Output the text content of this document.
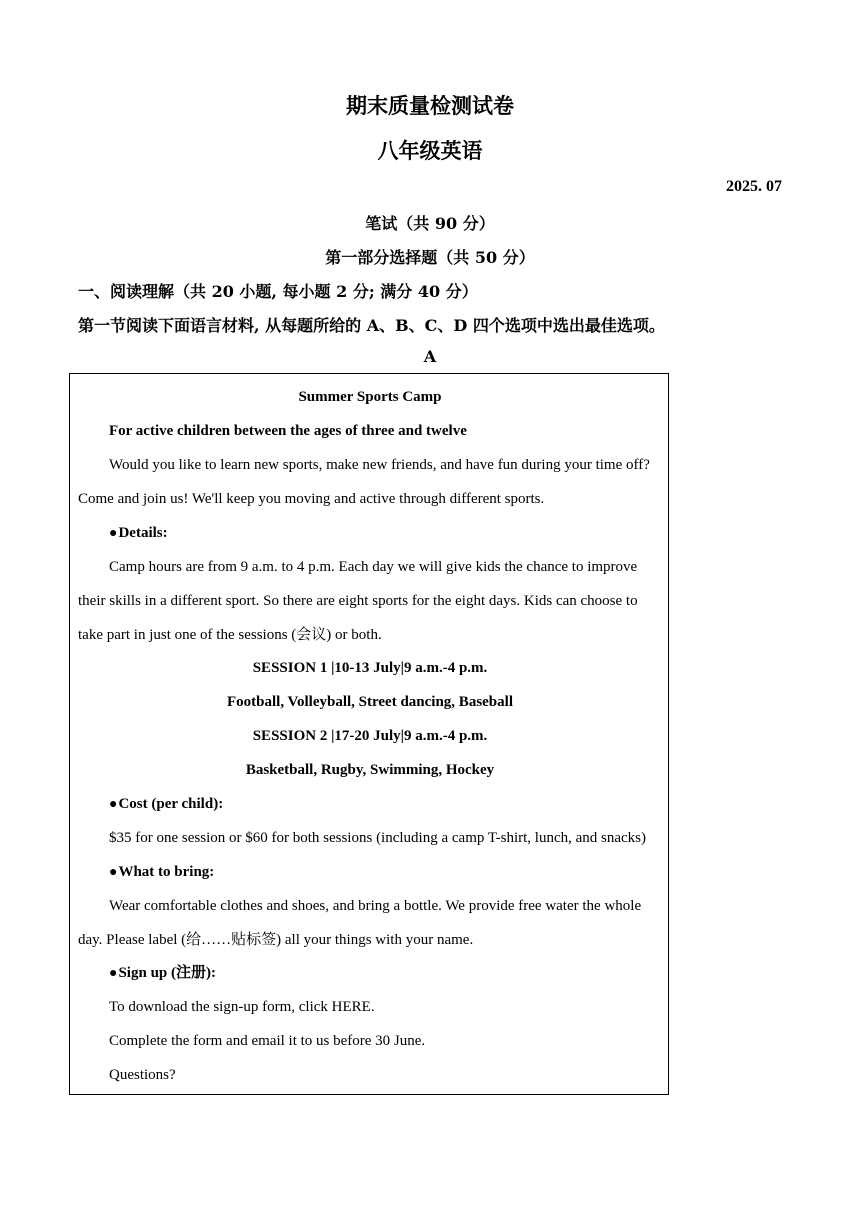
期末质量检测试卷
八年级英语
2025. 07
笔试（共 90 分）
第一部分选择题（共 50 分）
一、阅读理解（共 20 小题, 每小题 2 分; 满分 40 分）
第一节阅读下面语言材料, 从每题所给的 A、B、C、D 四个选项中选出最佳选项。
A
Summer Sports Camp
For active children between the ages of three and twelve
Would you like to learn new sports, make new friends, and have fun during your time off?
Come and join us! We'll keep you moving and active through different sports.
●Details:
Camp hours are from 9 a.m. to 4 p.m. Each day we will give kids the chance to improve
their skills in a different sport. So there are eight sports for the eight days. Kids can choose to
take part in just one of the sessions (会议) or both.
SESSION 1 |10-13 July|9 a.m.-4 p.m.
Football, Volleyball, Street dancing, Baseball
SESSION 2 |17-20 July|9 a.m.-4 p.m.
Basketball, Rugby, Swimming, Hockey
●Cost (per child):
$35 for one session or $60 for both sessions (including a camp T-shirt, lunch, and snacks)
●What to bring:
Wear comfortable clothes and shoes, and bring a bottle. We provide free water the whole
day. Please label (给……贴标签) all your things with your name.
●Sign up (注册):
To download the sign-up form, click HERE.
Complete the form and email it to us before 30 June.
Questions?
